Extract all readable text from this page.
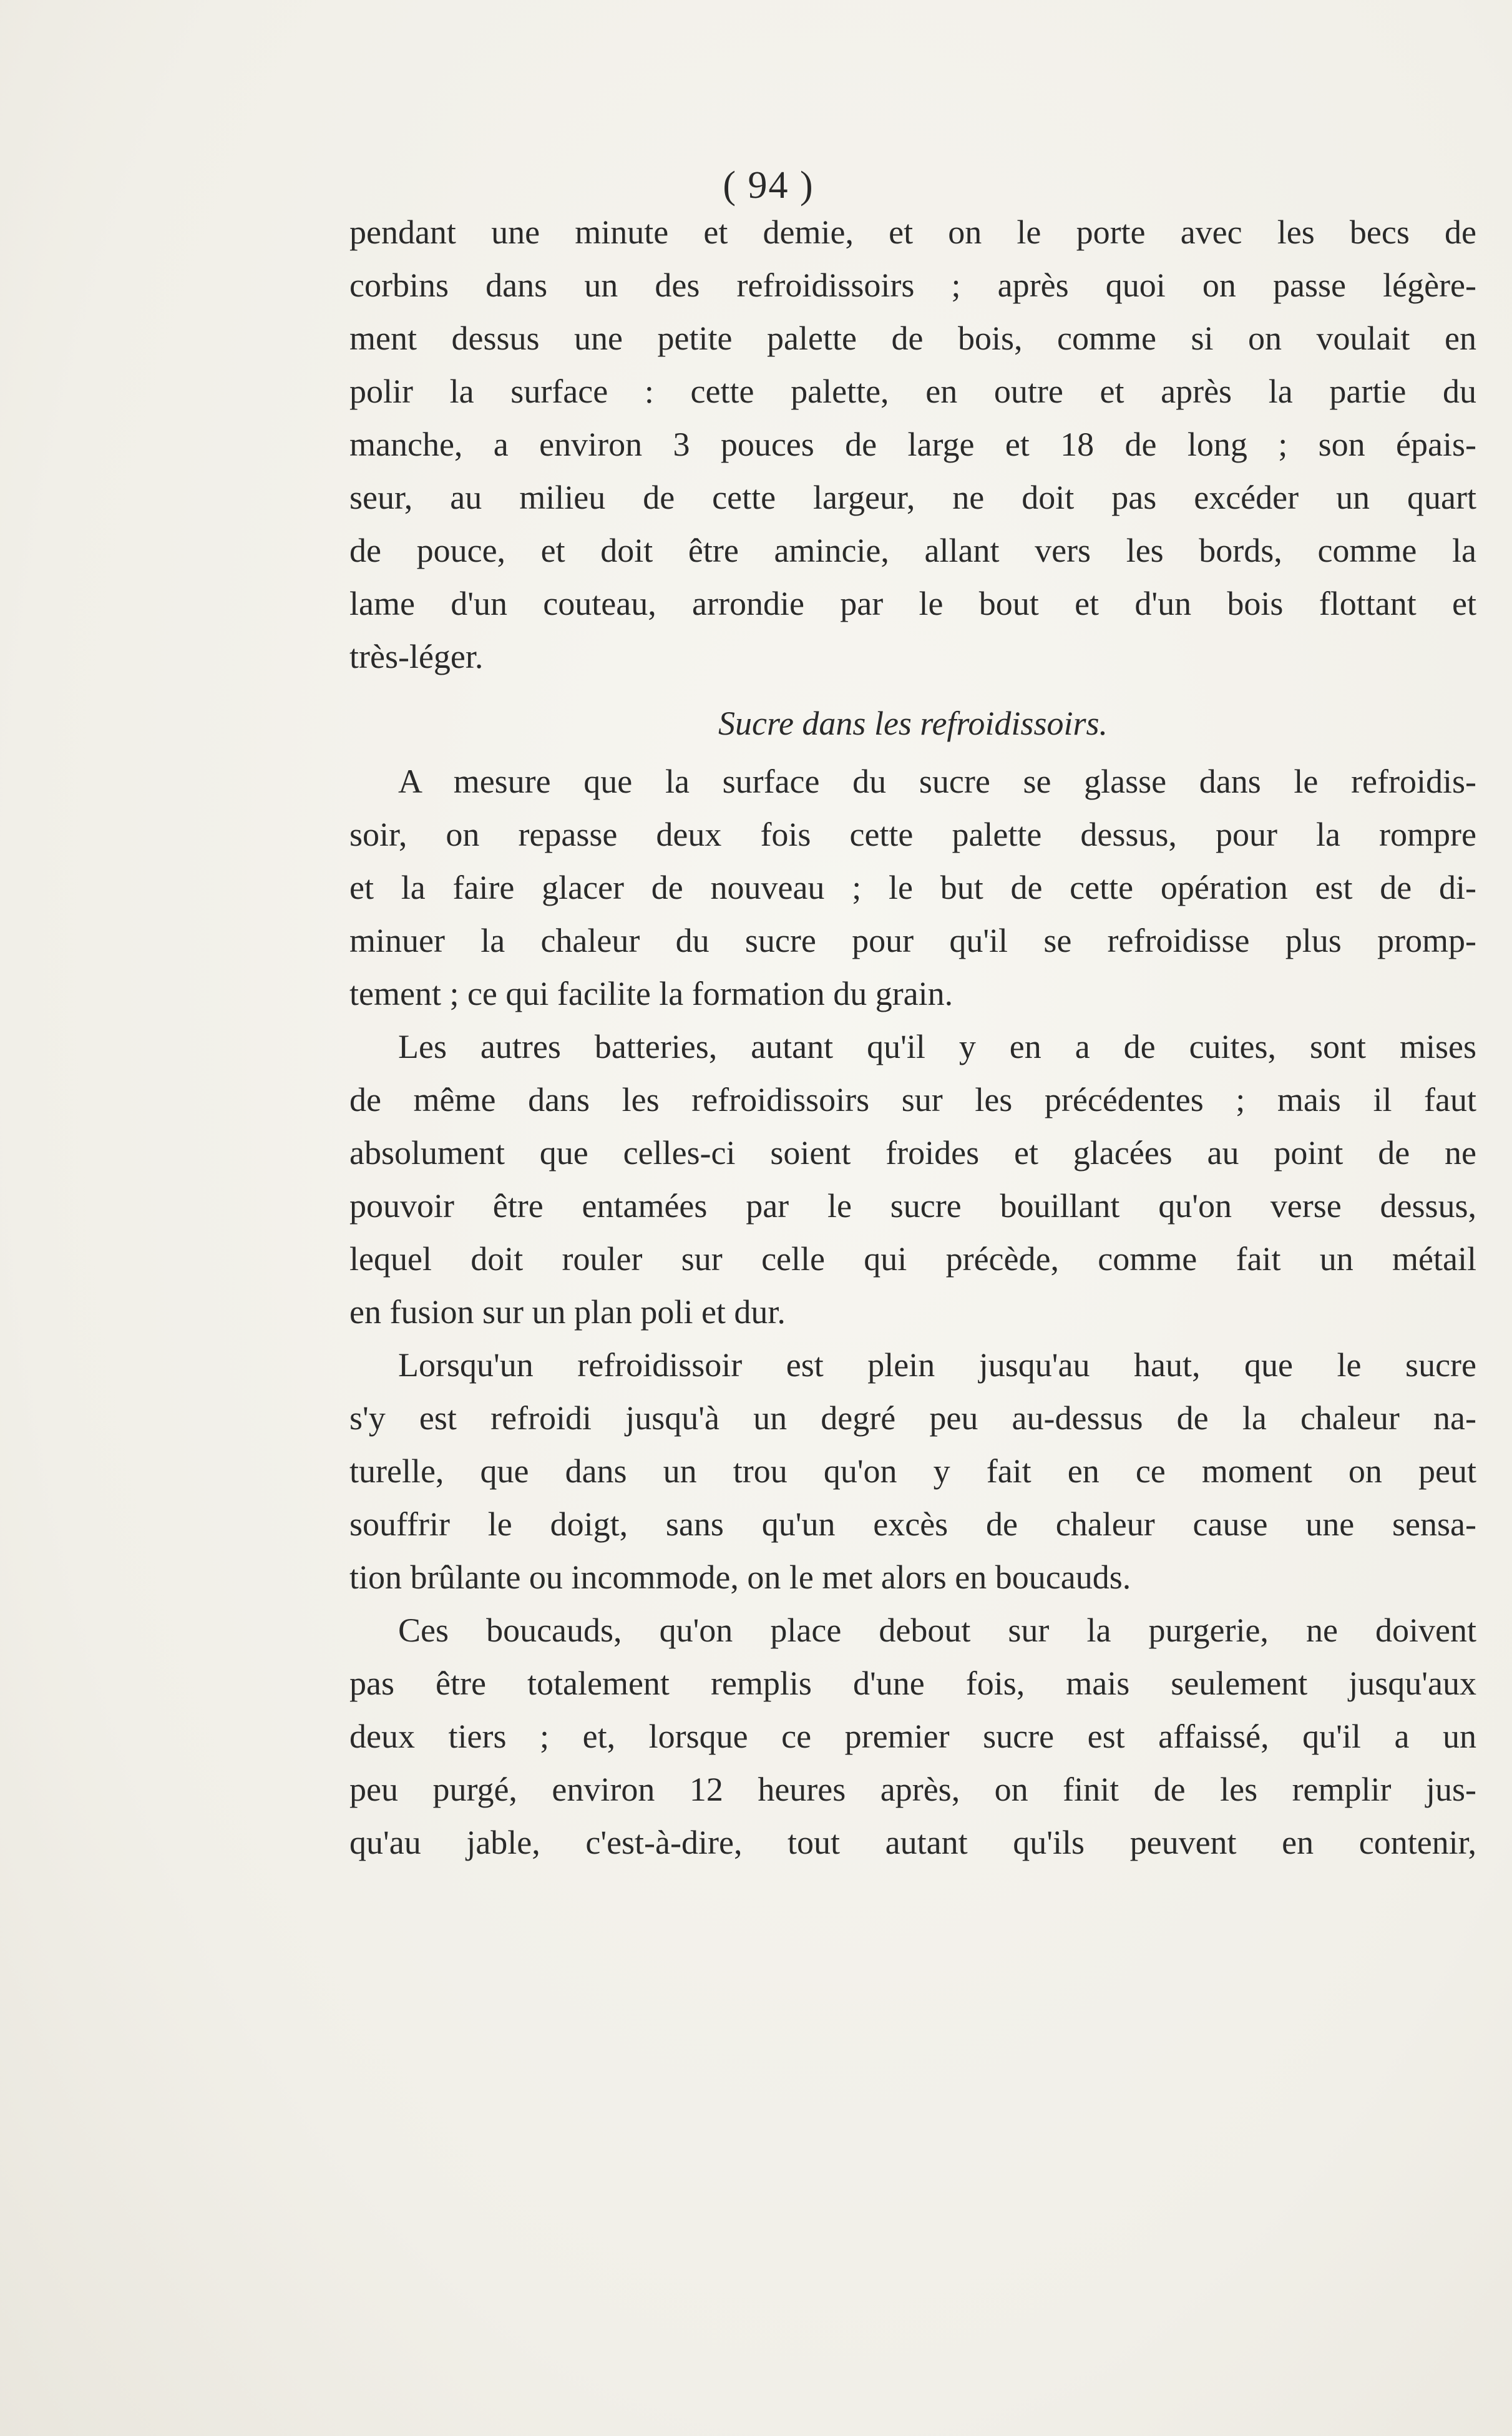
( 94 )
pendant une minute et demie, et on le porte avec les becs de
corbins dans un des refroidissoirs ; après quoi on passe légère-
ment dessus une petite palette de bois, comme si on voulait en
polir la surface : cette palette, en outre et après la partie du
manche, a environ 3 pouces de large et 18 de long ; son épais-
seur, au milieu de cette largeur, ne doit pas excéder un quart
de pouce, et doit être amincie, allant vers les bords, comme la
lame d'un couteau, arrondie par le bout et d'un bois flottant et
très-léger.
Sucre dans les refroidissoirs.
A mesure que la surface du sucre se glasse dans le refroidis-
soir, on repasse deux fois cette palette dessus, pour la rompre
et la faire glacer de nouveau ; le but de cette opération est de di-
minuer la chaleur du sucre pour qu'il se refroidisse plus promp-
tement ; ce qui facilite la formation du grain.
Les autres batteries, autant qu'il y en a de cuites, sont mises
de même dans les refroidissoirs sur les précédentes ; mais il faut
absolument que celles-ci soient froides et glacées au point de ne
pouvoir être entamées par le sucre bouillant qu'on verse dessus,
lequel doit rouler sur celle qui précède, comme fait un métail
en fusion sur un plan poli et dur.
Lorsqu'un refroidissoir est plein jusqu'au haut, que le sucre
s'y est refroidi jusqu'à un degré peu au-dessus de la chaleur na-
turelle, que dans un trou qu'on y fait en ce moment on peut
souffrir le doigt, sans qu'un excès de chaleur cause une sensa-
tion brûlante ou incommode, on le met alors en boucauds.
Ces boucauds, qu'on place debout sur la purgerie, ne doivent
pas être totalement remplis d'une fois, mais seulement jusqu'aux
deux tiers ; et, lorsque ce premier sucre est affaissé, qu'il a un
peu purgé, environ 12 heures après, on finit de les remplir jus-
qu'au jable, c'est-à-dire, tout autant qu'ils peuvent en contenir,
